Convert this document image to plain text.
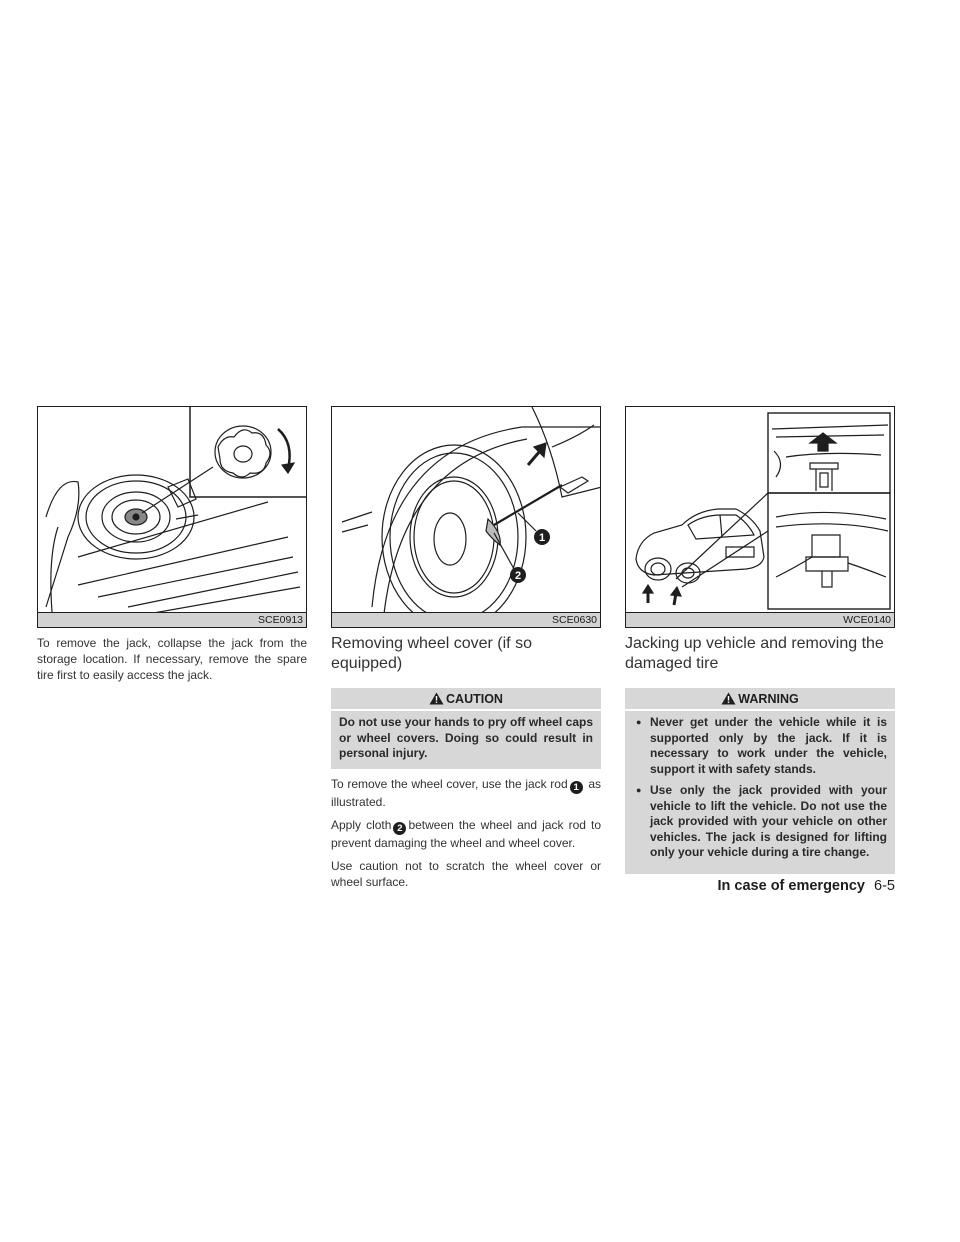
SCE0913

To remove the jack, collapse the jack from the storage location. If necessary, remove the spare tire first to easily access the jack.

1
2
SCE0630
Removing wheel cover (if so equipped)
CAUTION

Do not use your hands to pry off wheel caps or wheel covers. Doing so could result in personal injury.

To remove the wheel cover, use the jack rod 1 as illustrated.

Apply cloth 2 between the wheel and jack rod to prevent damaging the wheel and wheel cover.

Use caution not to scratch the wheel cover or wheel surface.

WCE0140
Jacking up vehicle and removing the damaged tire
WARNING
● Never get under the vehicle while it is supported only by the jack. If it is necessary to work under the vehicle, support it with safety stands.
● Use only the jack provided with your vehicle to lift the vehicle. Do not use the jack provided with your vehicle on other vehicles. The jack is designed for lifting only your vehicle during a tire change.
In case of emergency 6-5
